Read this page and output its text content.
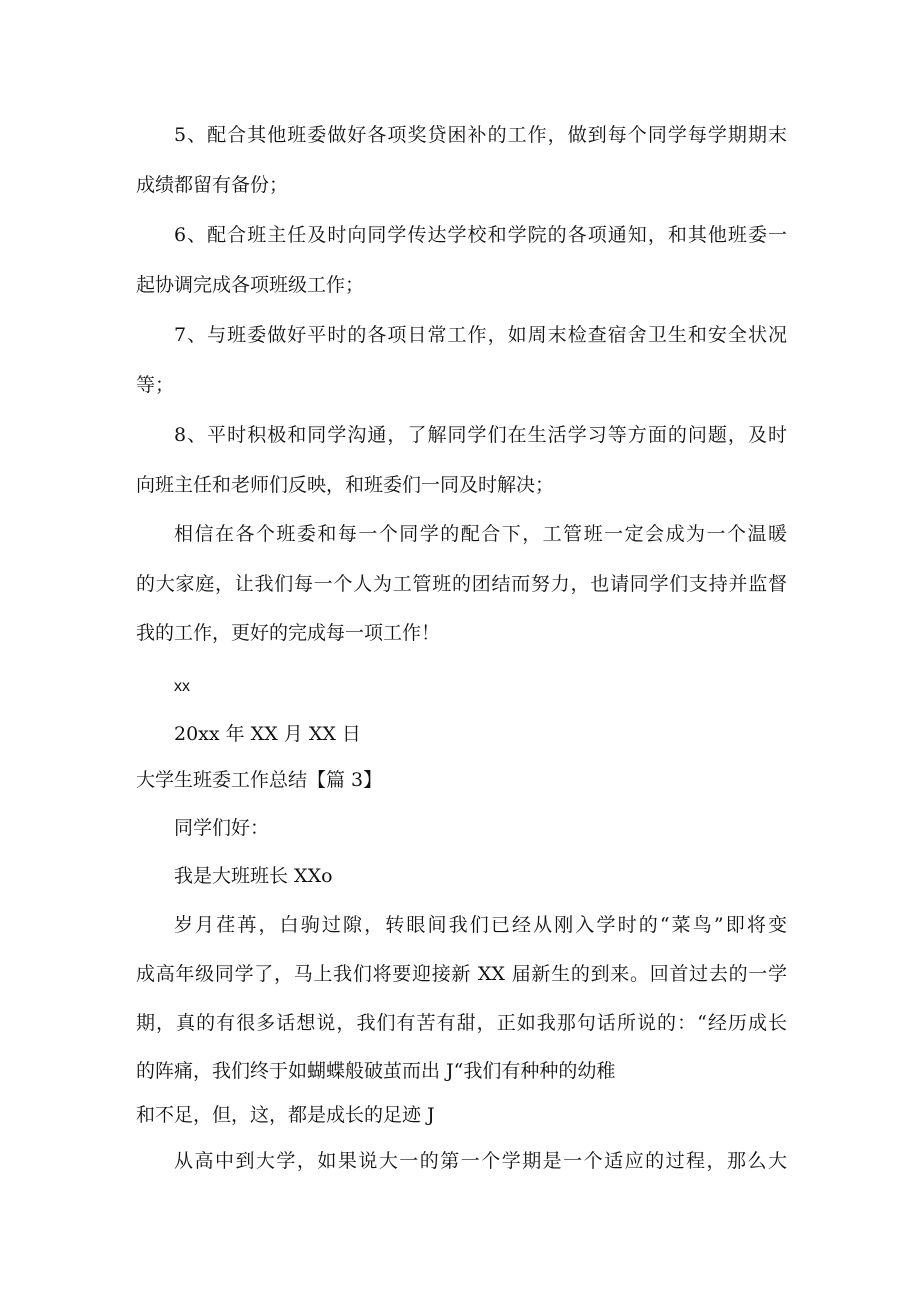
5、配合其他班委做好各项奖贷困补的工作，做到每个同学每学期期末
成绩都留有备份；
6、配合班主任及时向同学传达学校和学院的各项通知，和其他班委一
起协调完成各项班级工作；
7、与班委做好平时的各项日常工作，如周末检查宿舍卫生和安全状况
等；
8、平时积极和同学沟通，了解同学们在生活学习等方面的问题，及时
向班主任和老师们反映，和班委们一同及时解决；
相信在各个班委和每一个同学的配合下，工管班一定会成为一个温暖
的大家庭，让我们每一个人为工管班的团结而努力，也请同学们支持并监督
我的工作，更好的完成每一项工作！
xx
20xx 年 XX 月 XX 日
大学生班委工作总结【篇 3】
同学们好：
我是大班班长 XXo
岁月荏苒，白驹过隙，转眼间我们已经从刚入学时的“菜鸟”即将变
成高年级同学了，马上我们将要迎接新 XX 届新生的到来。回首过去的一学
期，真的有很多话想说，我们有苦有甜，正如我那句话所说的：“经历成长
的阵痛，我们终于如蝴蝶般破茧而出 J“我们有种种的幼稚
和不足，但，这，都是成长的足迹 J
从高中到大学，如果说大一的第一个学期是一个适应的过程，那么大
